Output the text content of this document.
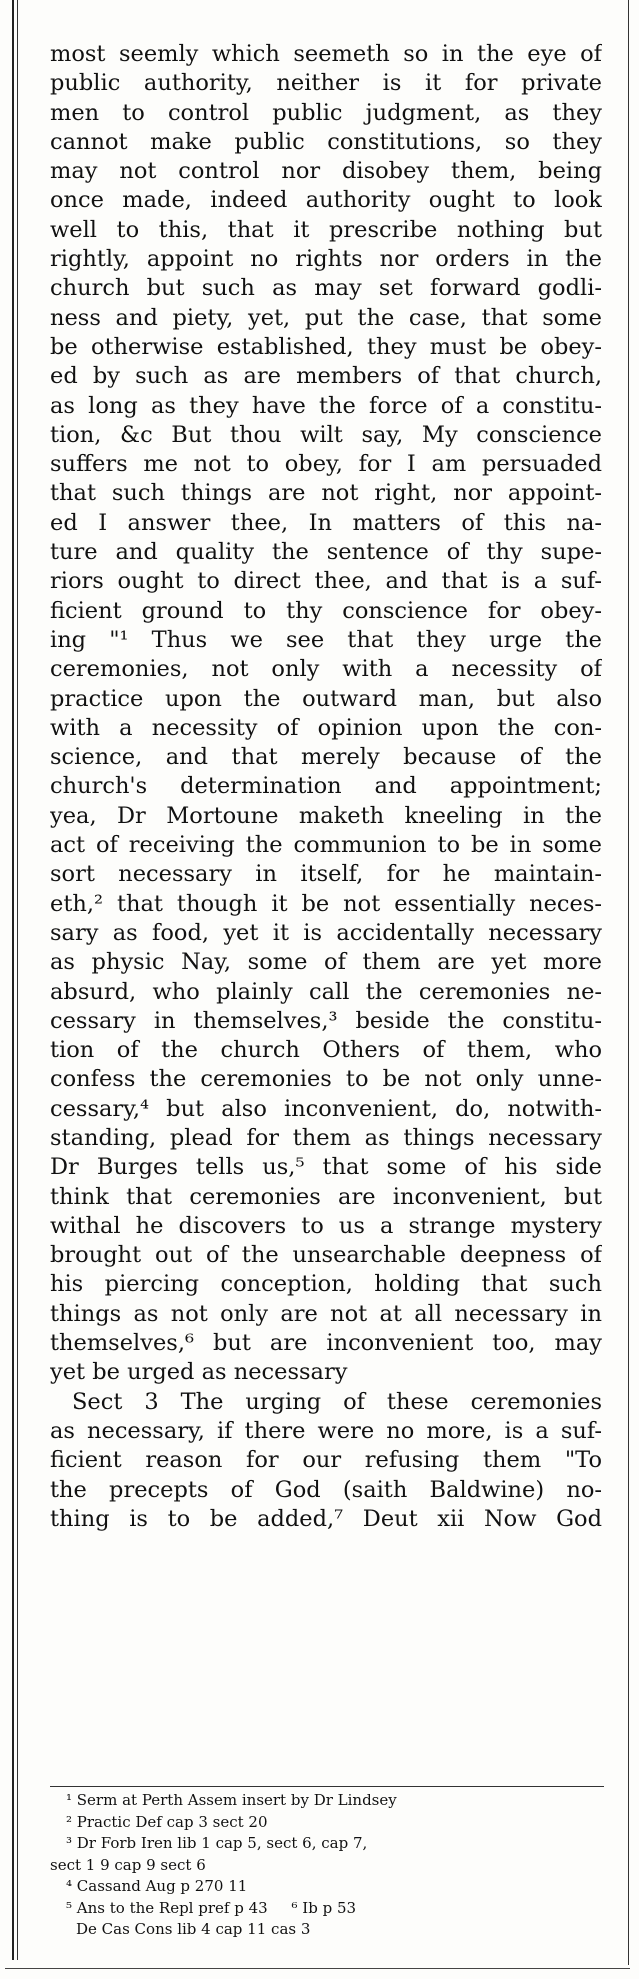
most seemly which seemeth so in the eye of
public authority, neither is it for private
men to control public judgment, as they
cannot make public constitutions, so they
may not control nor disobey them, being
once made, indeed authority ought to look
well to this, that it prescribe nothing but
rightly, appoint no rights nor orders in the
church but such as may set forward godli-
ness and piety, yet, put the case, that some
be otherwise established, they must be obey-
ed by such as are members of that church,
as long as they have the force of a constitu-
tion, &c But thou wilt say, My conscience
suffers me not to obey, for I am persuaded
that such things are not right, nor appoint-
ed I answer thee, In matters of this na-
ture and quality the sentence of thy supe-
riors ought to direct thee, and that is a suf-
ficient ground to thy conscience for obey-
ing "¹ Thus we see that they urge the
ceremonies, not only with a necessity of
practice upon the outward man, but also
with a necessity of opinion upon the con-
science, and that merely because of the
church's determination and appointment;
yea, Dr Mortoune maketh kneeling in the
act of receiving the communion to be in some
sort necessary in itself, for he maintain-
eth,² that though it be not essentially neces-
sary as food, yet it is accidentally necessary
as physic Nay, some of them are yet more
absurd, who plainly call the ceremonies ne-
cessary in themselves,³ beside the constitu-
tion of the church Others of them, who
confess the ceremonies to be not only unne-
cessary,⁴ but also inconvenient, do, notwith-
standing, plead for them as things necessary
Dr Burges tells us,⁵ that some of his side
think that ceremonies are inconvenient, but
withal he discovers to us a strange mystery
brought out of the unsearchable deepness of
his piercing conception, holding that such
things as not only are not at all necessary in
themselves,⁶ but are inconvenient too, may
yet be urged as necessary
Sect 3 The urging of these ceremonies
as necessary, if there were no more, is a suf-
ficient reason for our refusing them "To
the precepts of God (saith Baldwine) no-
thing is to be added,⁷ Deut xii Now God
¹ Serm at Perth Assem insert by Dr Lindsey
² Practic Def cap 3 sect 20
³ Dr Forb Iren lib 1 cap 5, sect 6, cap 7,
sect 1 9 cap 9 sect 6
⁴ Cassand Aug p 270 11
⁵ Ans to the Repl pref p 43     ⁶ Ib p 53
De Cas Cons lib 4 cap 11 cas 3
